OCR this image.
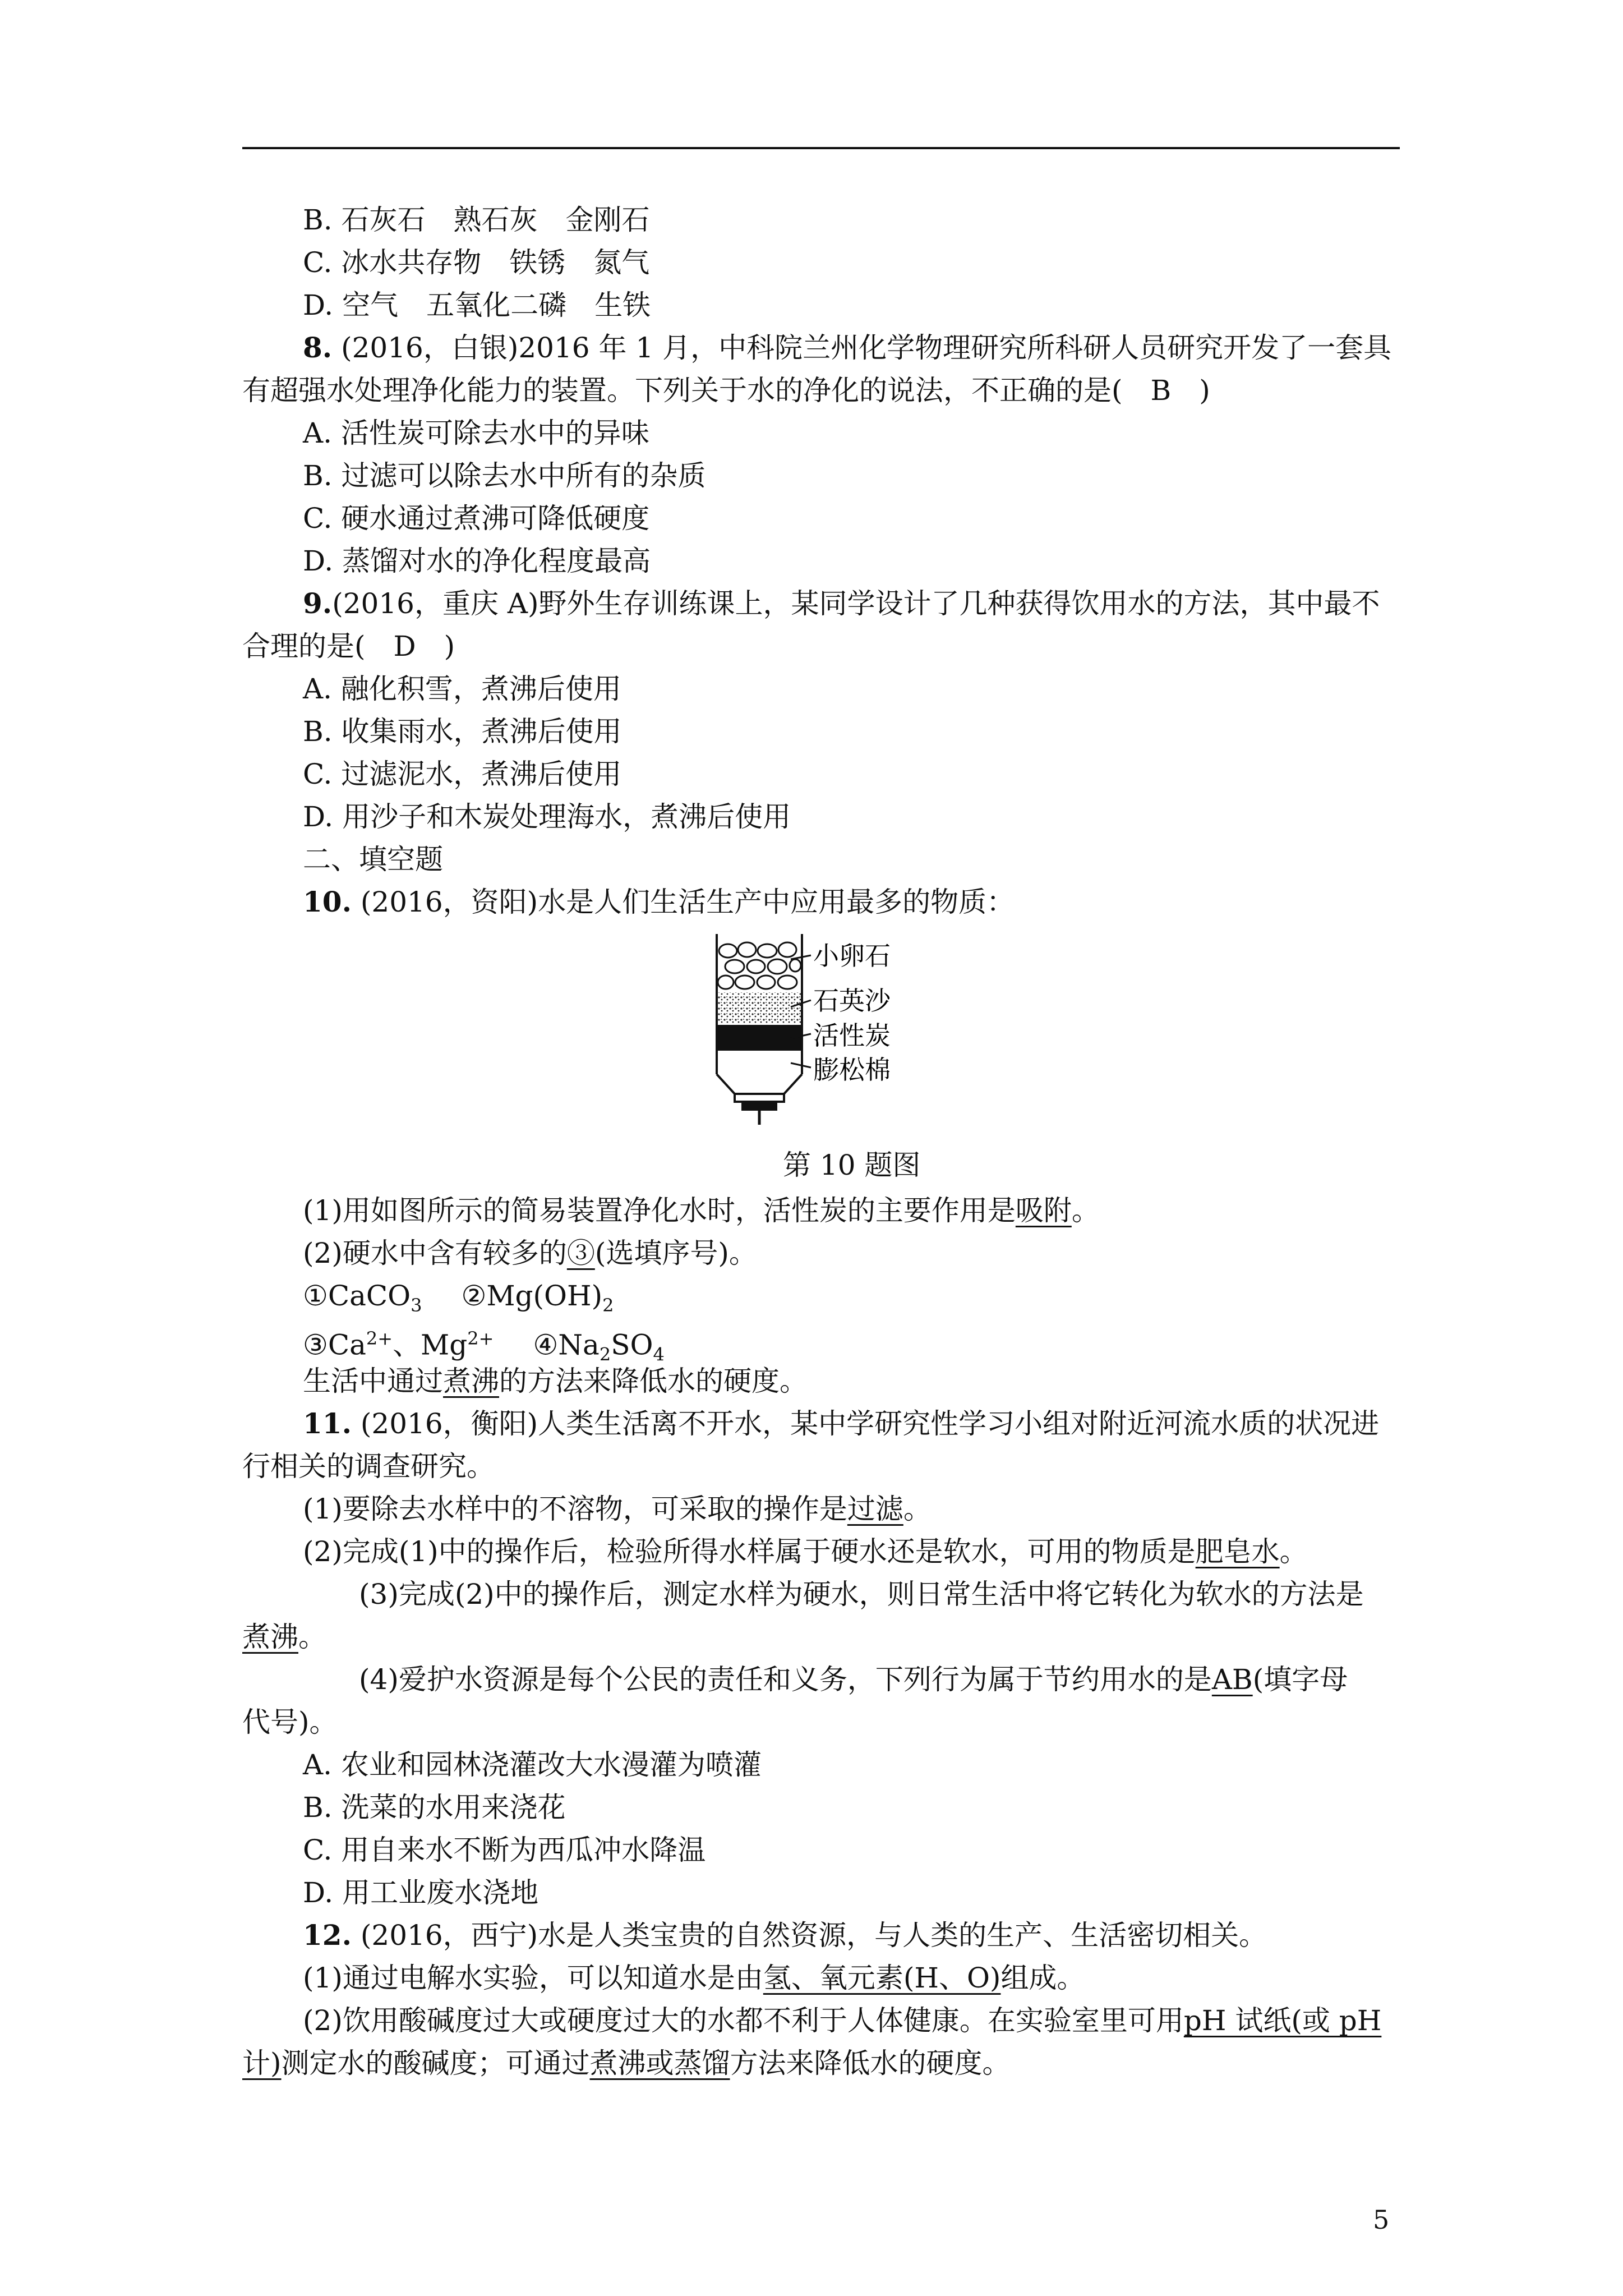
B. 石灰石　熟石灰　金刚石
C. 冰水共存物　铁锈　氮气
D. 空气　五氧化二磷　生铁
8. (2016，白银)2016 年 1 月，中科院兰州化学物理研究所科研人员研究开发了一套具
有超强水处理净化能力的装置。下列关于水的净化的说法，不正确的是(　B　)
A. 活性炭可除去水中的异味
B. 过滤可以除去水中所有的杂质
C. 硬水通过煮沸可降低硬度
D. 蒸馏对水的净化程度最高
9.(2016，重庆 A)野外生存训练课上，某同学设计了几种获得饮用水的方法，其中最不
合理的是(　D　)
A. 融化积雪，煮沸后使用
B. 收集雨水，煮沸后使用
C. 过滤泥水，煮沸后使用
D. 用沙子和木炭处理海水，煮沸后使用
二、填空题
10. (2016，资阳)水是人们生活生产中应用最多的物质：
小卵石
石英沙
活性炭
膨松棉
第 10 题图
(1)用如图所示的简易装置净化水时，活性炭的主要作用是吸附。
(2)硬水中含有较多的③(选填序号)。
①CaCO$_3$ $②Mg(OH)_2$
$③Ca^{2+}$、$Mg^{2+}$ $④Na_2SO_4$
生活中通过煮沸的方法来降低水的硬度。
11. (2016，衡阳)人类生活离不开水，某中学研究性学习小组对附近河流水质的状况进
行相关的调查研究。
(1)要除去水样中的不溶物，可采取的操作是过滤。
(2)完成(1)中的操作后，检验所得水样属于硬水还是软水，可用的物质是肥皂水。
(3)完成(2)中的操作后，测定水样为硬水，则日常生活中将它转化为软水的方法是
煮沸。
(4)爱护水资源是每个公民的责任和义务，下列行为属于节约用水的是AB(填字母
代号)。
A. 农业和园林浇灌改大水漫灌为喷灌
B. 洗菜的水用来浇花
C. 用自来水不断为西瓜冲水降温
D. 用工业废水浇地
12. (2016，西宁)水是人类宝贵的自然资源，与人类的生产、生活密切相关。
(1)通过电解水实验，可以知道水是由氢、氧元素(H、O)组成。
(2)饮用酸碱度过大或硬度过大的水都不利于人体健康。在实验室里可用pH 试纸(或 pH
计)测定水的酸碱度；可通过煮沸或蒸馏方法来降低水的硬度。
5
